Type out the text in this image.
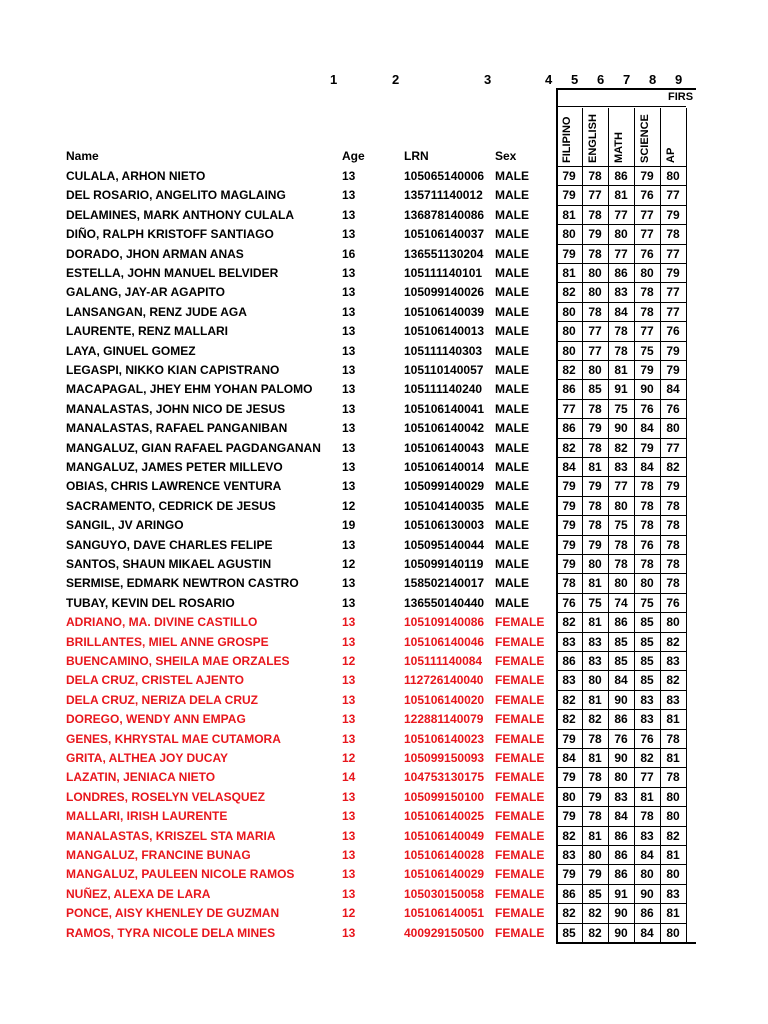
1	2	3	4 5 6 7 8 9
Name	Age	LRN	Sex
FIRS
FILIPINO ENGLISH MATH SCIENCE AP
CULALA, ARHON NIETO	13	105065140006 MALE	79	78	86	79	80
DEL ROSARIO, ANGELITO MAGLAING	13	135711140012 MALE	79	77	81	76	77
DELAMINES, MARK ANTHONY CULALA	13	136878140086 MALE	81	78	77	77	79
DIÑO, RALPH KRISTOFF SANTIAGO	13	105106140037 MALE	80	79	80	77	78
DORADO, JHON ARMAN ANAS	16	136551130204 MALE	79	78	77	76	77
ESTELLA, JOHN MANUEL BELVIDER	13	105111140101 MALE	81	80	86	80	79
GALANG, JAY-AR AGAPITO	13	105099140026 MALE	82	80	83	78	77
LANSANGAN, RENZ JUDE AGA	13	105106140039 MALE	80	78	84	78	77
LAURENTE, RENZ MALLARI	13	105106140013 MALE	80	77	78	77	76
LAYA, GINUEL GOMEZ	13	105111140303 MALE	80	77	78	75	79
LEGASPI, NIKKO KIAN CAPISTRANO	13	105110140057 MALE	82	80	81	79	79
MACAPAGAL, JHEY EHM YOHAN PALOMO 13	105111140240 MALE	86	85	91	90	84
MANALASTAS, JOHN NICO DE JESUS	13	105106140041 MALE	77	78	75	76	76
MANALASTAS, RAFAEL PANGANIBAN	13	105106140042 MALE	86	79	90	84	80
MANGALUZ, GIAN RAFAEL PAGDANGANAN 13	105106140043 MALE	82	78	82	79	77
MANGALUZ, JAMES PETER MILLEVO	13	105106140014 MALE	84	81	83	84	82
OBIAS, CHRIS LAWRENCE VENTURA	13	105099140029 MALE	79	79	77	78	79
SACRAMENTO, CEDRICK DE JESUS	12	105104140035 MALE	79	78	80	78	78
SANGIL, JV ARINGO	19	105106130003 MALE	79	78	75	78	78
SANGUYO, DAVE CHARLES FELIPE	13	105095140044 MALE	79	79	78	76	78
SANTOS, SHAUN MIKAEL AGUSTIN	12	105099140119 MALE	79	80	78	78	78
SERMISE, EDMARK NEWTRON CASTRO	13	158502140017 MALE	78	81	80	80	78
TUBAY, KEVIN DEL ROSARIO	13	136550140440 MALE	76	75	74	75	76
ADRIANO, MA. DIVINE CASTILLO	13	105109140086 FEMALE	82	81	86	85	80
BRILLANTES, MIEL ANNE GROSPE	13	105106140046 FEMALE	83	83	85	85	82
BUENCAMINO, SHEILA MAE ORZALES	12	105111140084 FEMALE	86	83	85	85	83
DELA CRUZ, CRISTEL AJENTO	13	112726140040 FEMALE	83	80	84	85	82
DELA CRUZ, NERIZA DELA CRUZ	13	105106140020 FEMALE	82	81	90	83	83
DOREGO, WENDY ANN EMPAG	13	122881140079 FEMALE	82	82	86	83	81
GENES, KHRYSTAL MAE CUTAMORA	13	105106140023 FEMALE	79	78	76	76	78
GRITA, ALTHEA JOY DUCAY	12	105099150093 FEMALE	84	81	90	82	81
LAZATIN, JENIACA NIETO	14	104753130175 FEMALE	79	78	80	77	78
LONDRES, ROSELYN VELASQUEZ	13	105099150100 FEMALE	80	79	83	81	80
MALLARI, IRISH LAURENTE	13	105106140025 FEMALE	79	78	84	78	80
MANALASTAS, KRISZEL STA MARIA	13	105106140049 FEMALE	82	81	86	83	82
MANGALUZ, FRANCINE BUNAG	13	105106140028 FEMALE	83	80	86	84	81
MANGALUZ, PAULEEN NICOLE RAMOS	13	105106140029 FEMALE	79	79	86	80	80
NUÑEZ, ALEXA DE LARA	13	105030150058 FEMALE	86	85	91	90	83
PONCE, AISY KHENLEY DE GUZMAN	12	105106140051 FEMALE	82	82	90	86	81
RAMOS, TYRA NICOLE DELA MINES	13	400929150500 FEMALE	85	82	90	84	80
